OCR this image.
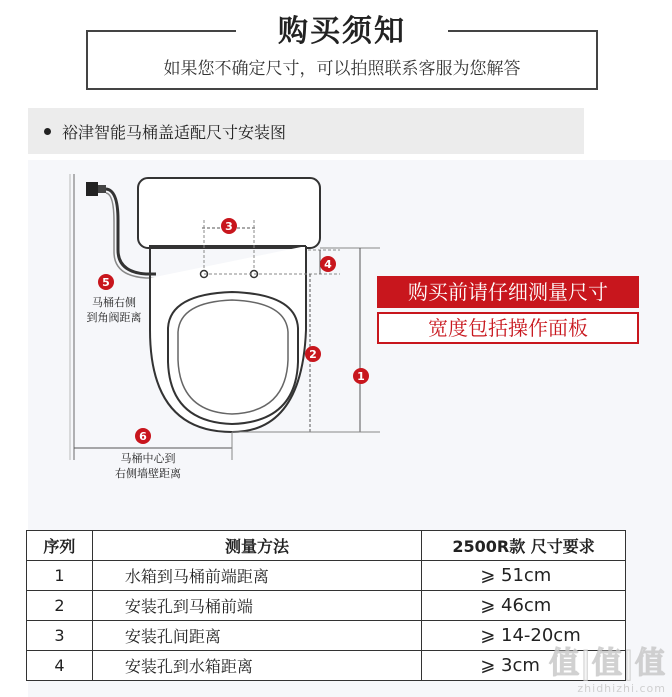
购买须知
如果您不确定尺寸，可以拍照联系客服为您解答
裕津智能马桶盖适配尺寸安装图
1
2
3
4
5
6
马桶右侧
到角阀距离
马桶中心到
右侧墙壁距离
购买前请仔细测量尺寸
宽度包括操作面板
序列	测量方法	2500R款 尺寸要求
1	水箱到马桶前端距离	⩾ 51cm
2	安装孔到马桶前端	⩾ 46cm
3	安装孔间距离	⩾ 14-20cm
4	安装孔到水箱距离	⩾ 3cm 值|值|值
zhidhizhi.com
